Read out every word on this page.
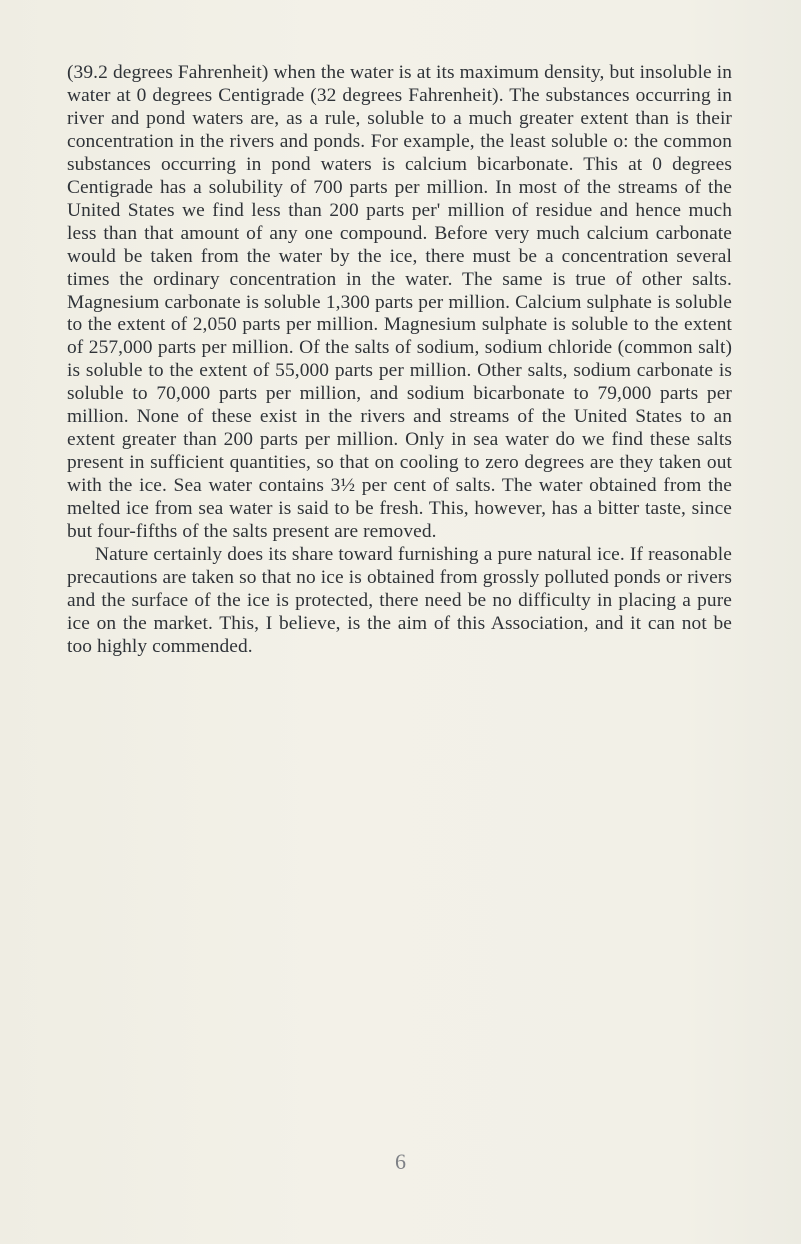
(39.2 degrees Fahrenheit) when the water is at its maximum density, but insoluble in water at 0 degrees Centigrade (32 degrees Fahrenheit). The substances occurring in river and pond waters are, as a rule, soluble to a much greater extent than is their concentration in the rivers and ponds. For example, the least soluble o: the common substances occurring in pond waters is calcium bicarbonate. This at 0 degrees Centigrade has a solubility of 700 parts per million. In most of the streams of the United States we find less than 200 parts per' million of residue and hence much less than that amount of any one compound. Before very much calcium carbonate would be taken from the water by the ice, there must be a concentration several times the ordinary concentration in the water. The same is true of other salts. Magnesium carbonate is soluble 1,300 parts per million. Calcium sulphate is soluble to the extent of 2,050 parts per million. Magnesium sulphate is soluble to the extent of 257,000 parts per million. Of the salts of sodium, sodium chloride (common salt) is soluble to the extent of 55,000 parts per million. Other salts, sodium carbonate is soluble to 70,000 parts per million, and sodium bicarbonate to 79,000 parts per million. None of these exist in the rivers and streams of the United States to an extent greater than 200 parts per million. Only in sea water do we find these salts present in sufficient quantities, so that on cooling to zero degrees are they taken out with the ice. Sea water contains 3½ per cent of salts. The water obtained from the melted ice from sea water is said to be fresh. This, however, has a bitter taste, since but four-fifths of the salts present are removed.

Nature certainly does its share toward furnishing a pure natural ice. If reasonable precautions are taken so that no ice is obtained from grossly polluted ponds or rivers and the surface of the ice is protected, there need be no difficulty in placing a pure ice on the market. This, I believe, is the aim of this Association, and it can not be too highly commended.

6
